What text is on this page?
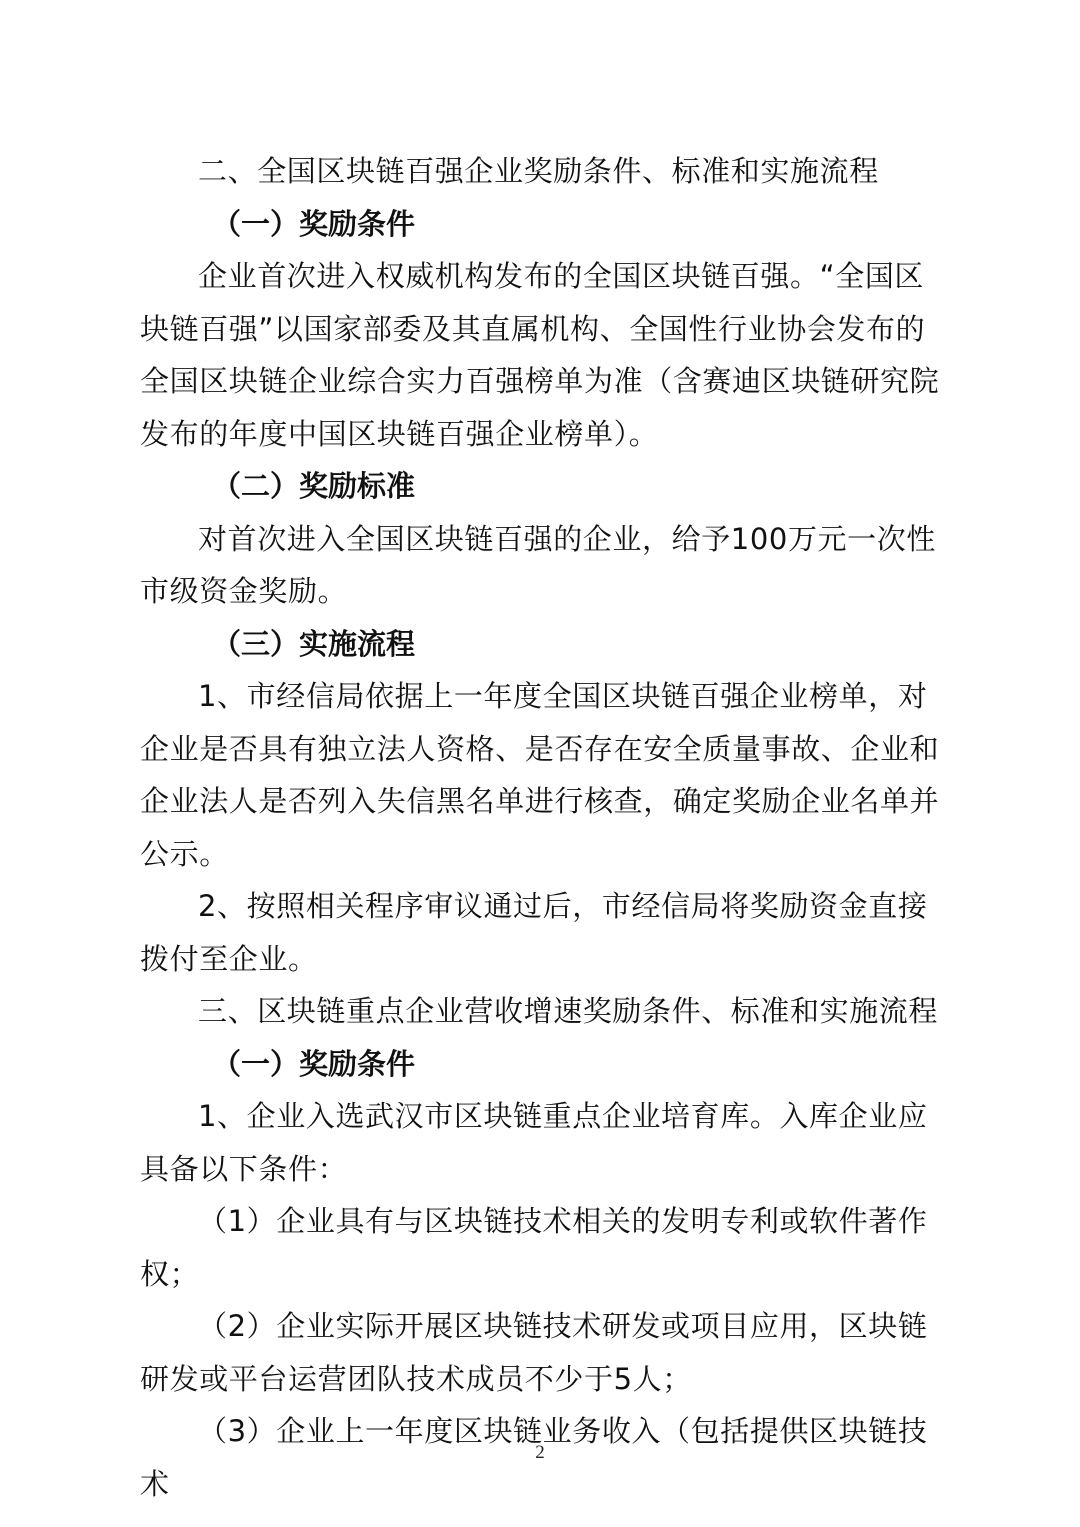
二、全国区块链百强企业奖励条件、标准和实施流程

（一）奖励条件

企业首次进入权威机构发布的全国区块链百强。“全国区块链百强”以国家部委及其直属机构、全国性行业协会发布的全国区块链企业综合实力百强榜单为准（含赛迪区块链研究院发布的年度中国区块链百强企业榜单）。

（二）奖励标准

对首次进入全国区块链百强的企业，给予100万元一次性市级资金奖励。

（三）实施流程

1、市经信局依据上一年度全国区块链百强企业榜单，对企业是否具有独立法人资格、是否存在安全质量事故、企业和企业法人是否列入失信黑名单进行核查，确定奖励企业名单并公示。

2、按照相关程序审议通过后，市经信局将奖励资金直接拨付至企业。

三、区块链重点企业营收增速奖励条件、标准和实施流程

（一）奖励条件

1、企业入选武汉市区块链重点企业培育库。入库企业应具备以下条件：

（1）企业具有与区块链技术相关的发明专利或软件著作权；

（2）企业实际开展区块链技术研发或项目应用，区块链研发或平台运营团队技术成员不少于5人；

（3）企业上一年度区块链业务收入（包括提供区块链技术

2
